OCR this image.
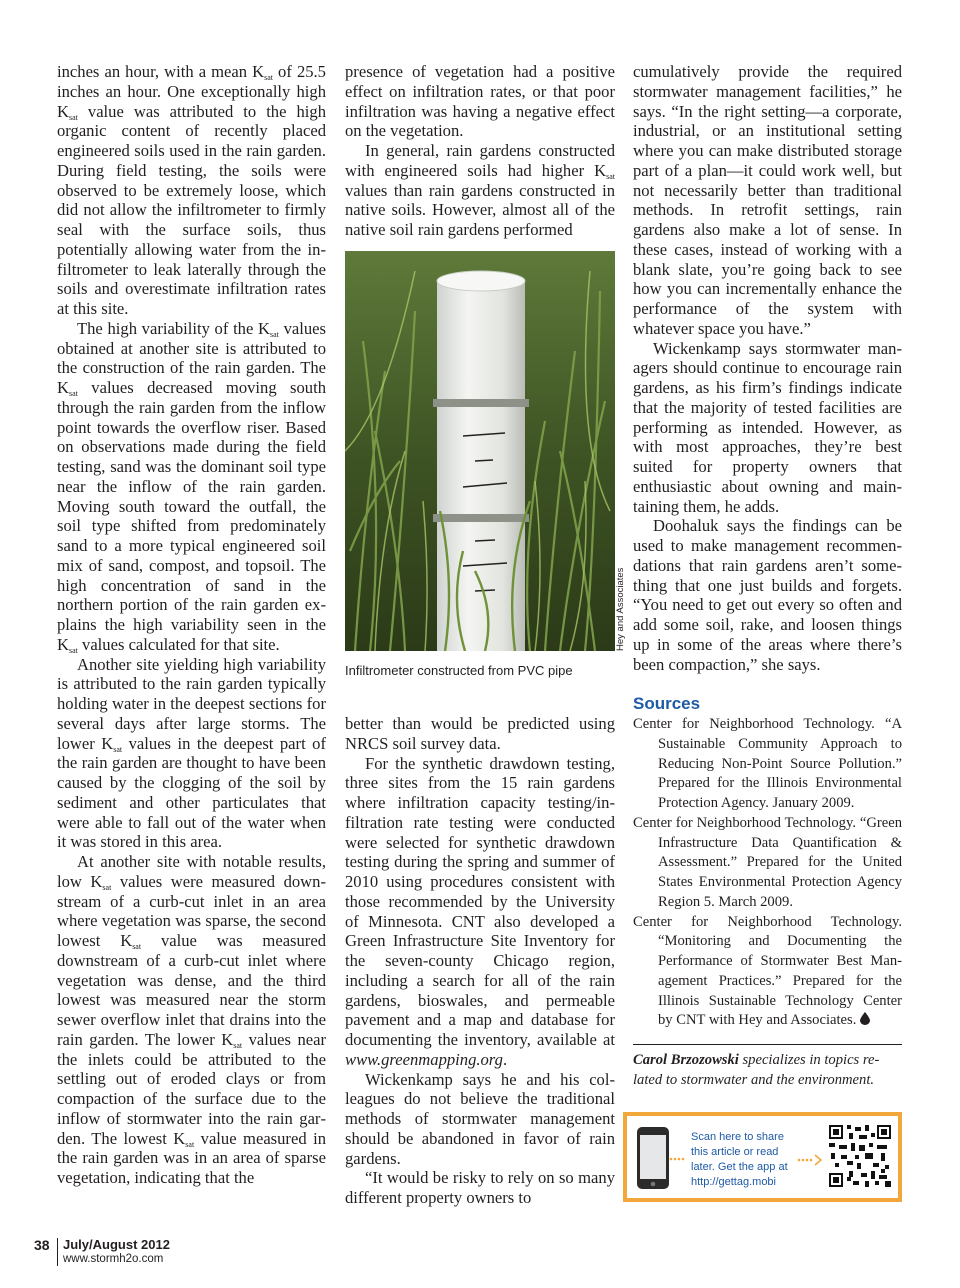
inches an hour, with a mean $K_{sat}$ of 25.5 inches an hour. One exceptionally high $K_{sat}$ value was attributed to the high organic content of recently placed engineered soils used in the rain garden. During field testing, the soils were observed to be extremely loose, which did not allow the infiltrometer to firmly seal with the surface soils, thus potentially allowing water from the infiltrometer to leak laterally through the soils and overestimate infiltration rates at this site.

The high variability of the $K_{sat}$ values obtained at another site is attributed to the construction of the rain garden. The $K_{sat}$ values decreased moving south through the rain garden from the inflow point towards the overflow riser. Based on observations made during the field testing, sand was the dominant soil type near the inflow of the rain garden. Moving south toward the outfall, the soil type shifted from predominately sand to a more typical engineered soil mix of sand, compost, and topsoil. The high concentration of sand in the northern portion of the rain garden explains the high variability seen in the $K_{sat}$ values calculated for that site.

Another site yielding high variability is attributed to the rain garden typically holding water in the deepest sections for several days after large storms. The lower $K_{sat}$ values in the deepest part of the rain garden are thought to have been caused by the clogging of the soil by sediment and other particulates that were able to fall out of the water when it was stored in this area.

At another site with notable results, low $K_{sat}$ values were measured downstream of a curb-cut inlet in an area where vegetation was sparse, the second lowest $K_{sat}$ value was measured downstream of a curb-cut inlet where vegetation was dense, and the third lowest was measured near the storm sewer overflow inlet that drains into the rain garden. The lower $K_{sat}$ values near the inlets could be attributed to the settling out of eroded clays or from compaction of the surface due to the inflow of stormwater into the rain garden. The lowest $K_{sat}$ value measured in the rain garden was in an area of sparse vegetation, indicating that the

presence of vegetation had a positive effect on infiltration rates, or that poor infiltration was having a negative effect on the vegetation.

In general, rain gardens constructed with engineered soils had higher $K_{sat}$ values than rain gardens constructed in native soils. However, almost all of the native soil rain gardens performed

Hey and Associates
Infiltrometer constructed from PVC pipe

better than would be predicted using NRCS soil survey data.

For the synthetic drawdown testing, three sites from the 15 rain gardens where infiltration capacity testing/infiltration rate testing were conducted were selected for synthetic drawdown testing during the spring and summer of 2010 using procedures consistent with those recommended by the University of Minnesota. CNT also developed a Green Infrastructure Site Inventory for the seven-county Chicago region, including a search for all of the rain gardens, bioswales, and permeable pavement and a map and database for documenting the inventory, available at www.greenmapping.org.

Wickenkamp says he and his colleagues do not believe the traditional methods of stormwater management should be abandoned in favor of rain gardens.

“It would be risky to rely on so many different property owners to

cumulatively provide the required stormwater management facilities,” he says. “In the right setting—a corporate, industrial, or an institutional setting where you can make distributed storage part of a plan—it could work well, but not necessarily better than traditional methods. In retrofit settings, rain gardens also make a lot of sense. In these cases, instead of working with a blank slate, you’re going back to see how you can incrementally enhance the performance of the system with whatever space you have.”

Wickenkamp says stormwater managers should continue to encourage rain gardens, as his firm’s findings indicate that the majority of tested facilities are performing as intended. However, as with most approaches, they’re best suited for property owners that enthusiastic about owning and maintaining them, he adds.

Doohaluk says the findings can be used to make management recommendations that rain gardens aren’t something that one just builds and forgets. “You need to get out every so often and add some soil, rake, and loosen things up in some of the areas where there’s been compaction,” she says.

Sources

Center for Neighborhood Technology. “A Sustainable Community Approach to Reducing Non-Point Source Pollution.” Prepared for the Illinois Environmental Protection Agency. January 2009.

Center for Neighborhood Technology. “Green Infrastructure Data Quantification & Assessment.” Prepared for the United States Environmental Protection Agency Region 5. March 2009.

Center for Neighborhood Technology. “Monitoring and Documenting the Performance of Stormwater Best Management Practices.” Prepared for the Illinois Sustainable Technology Center by CNT with Hey and Associates.

Carol Brzozowski specializes in topics related to stormwater and the environment.
Scan here to share this article or read later. Get the app at http://gettag.mobi
38 July/August 2012
www.stormh2o.com
